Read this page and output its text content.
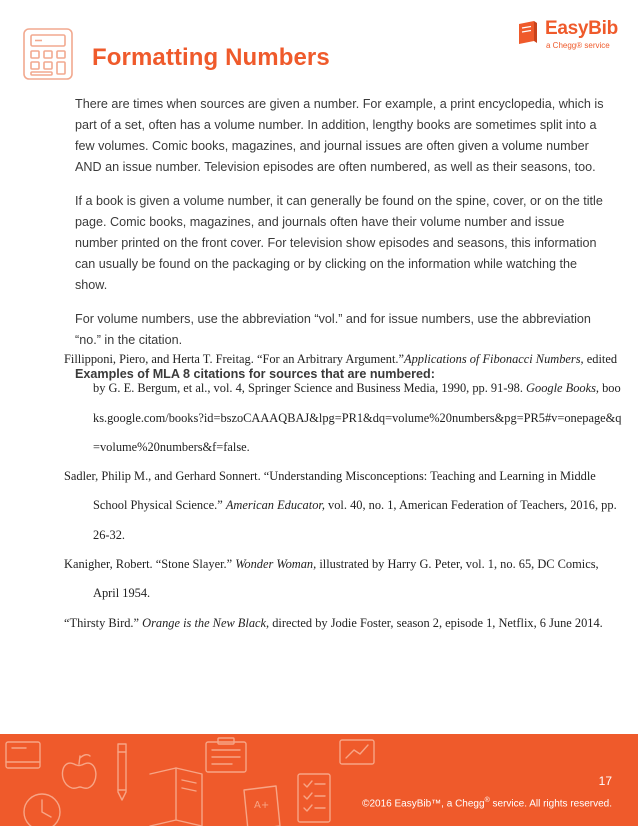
Formatting Numbers
EasyBib
a Chegg® service

There are times when sources are given a number. For example, a print encyclopedia, which is part of a set, often has a volume number. In addition, lengthy books are sometimes split into a few volumes. Comic books, magazines, and journal issues are often given a volume number AND an issue number. Television episodes are often numbered, as well as their seasons, too.

If a book is given a volume number, it can generally be found on the spine, cover, or on the title page. Comic books, magazines, and journals often have their volume number and issue number printed on the front cover. For television show episodes and seasons, this information can usually be found on the packaging or by clicking on the information while watching the show.

For volume numbers, use the abbreviation “vol.” and for issue numbers, use the abbreviation “no.” in the citation.

Examples of MLA 8 citations for sources that are numbered:

Fillipponi, Piero, and Herta T. Freitag. “For an Arbitrary Argument.”Applications of Fibonacci Numbers, edited by G. E. Bergum, et al., vol. 4, Springer Science and Business Media, 1990, pp. 91-98. Google Books, books.google.com/books?id=bszoCAAAQBAJ&lpg=PR1&dq=volume%20numbers&pg=PR5#v=onepage&q=volume%20numbers&f=false.

Sadler, Philip M., and Gerhard Sonnert. “Understanding Misconceptions: Teaching and Learning in Middle School Physical Science.” American Educator, vol. 40, no. 1, American Federation of Teachers, 2016, pp. 26-32.

Kanigher, Robert. “Stone Slayer.” Wonder Woman, illustrated by Harry G. Peter, vol. 1, no. 65, DC Comics, April 1954.

“Thirsty Bird.” Orange is the New Black, directed by Jodie Foster, season 2, episode 1, Netflix, 6 June 2014.

A+
17
©2016 EasyBib™, a Chegg® service. All rights reserved.
